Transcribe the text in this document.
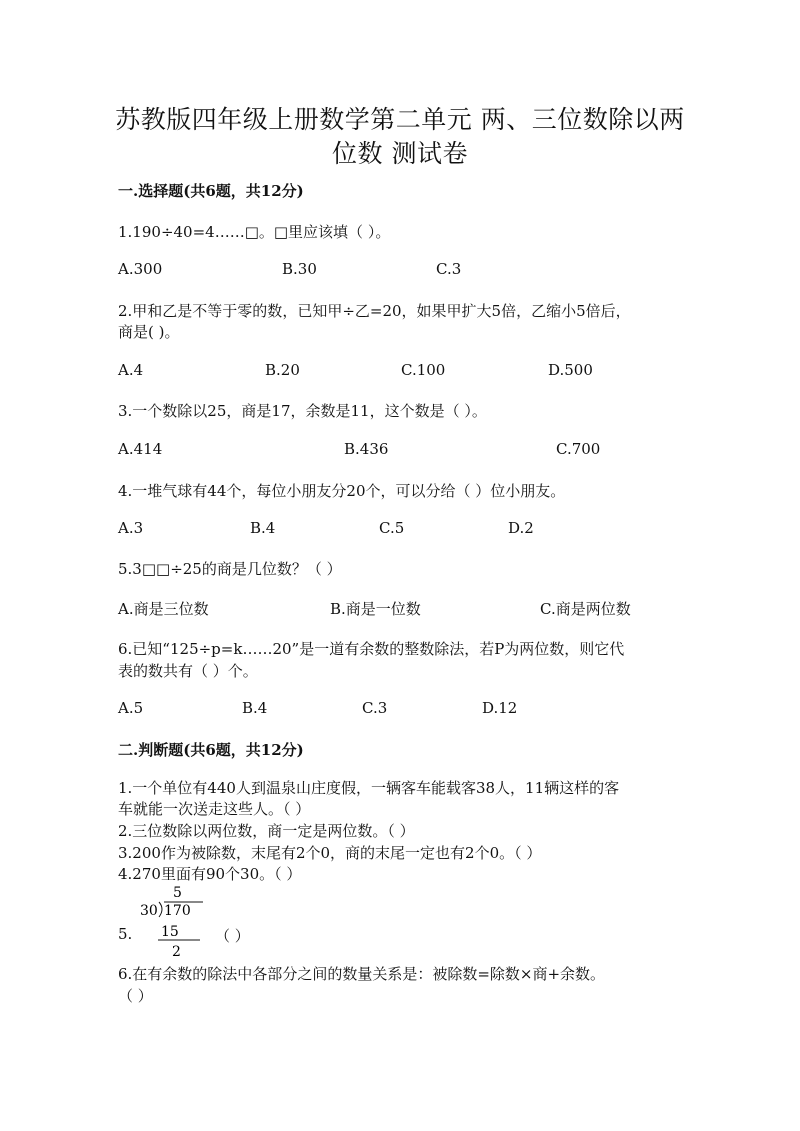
苏教版四年级上册数学第二单元 两、三位数除以两
位数 测试卷
一.选择题(共6题，共12分)
1.190÷40=4……□。□里应该填（ ）。
A.300	B.30	C.3
2.甲和乙是不等于零的数，已知甲÷乙=20，如果甲扩大5倍，乙缩小5倍后，
商是( )。
A.4	B.20	C.100	D.500
3.一个数除以25，商是17，余数是11，这个数是（ ）。
A.414	B.436	C.700
4.一堆气球有44个，每位小朋友分20个，可以分给（ ）位小朋友。
A.3	B.4	C.5	D.2
5.3□□÷25的商是几位数？（ ）
A.商是三位数	B.商是一位数	C.商是两位数
6.已知“125÷p=k……20”是一道有余数的整数除法，若P为两位数，则它代
表的数共有（ ）个。
A.5	B.4	C.3	D.12
二.判断题(共6题，共12分)
1.一个单位有440人到温泉山庄度假，一辆客车能载客38人，11辆这样的客
车就能一次送走这些人。（ ）
2.三位数除以两位数，商一定是两位数。（ ）
3.200作为被除数，末尾有2个0，商的末尾一定也有2个0。（ ）
4.270里面有90个30。（ ）
5
30 170
15
2
5.	（ ）
6.在有余数的除法中各部分之间的数量关系是：被除数=除数×商+余数。
（ ）
